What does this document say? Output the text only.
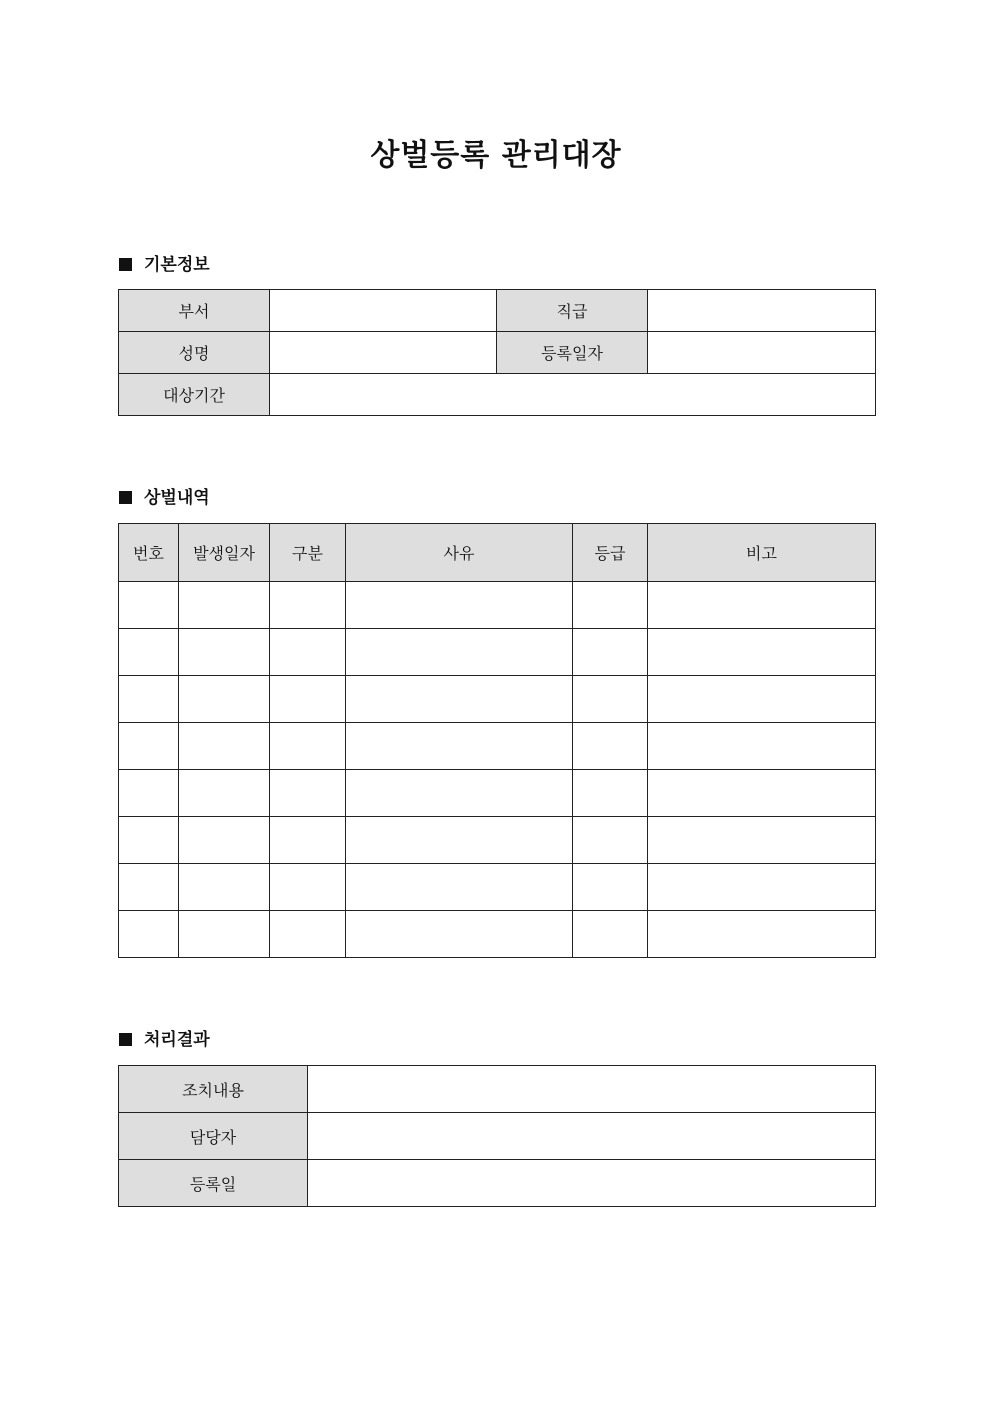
상벌등록 관리대장
기본정보
부서		직급	
성명		등록일자	
대상기간			
상벌내역
번호	발생일자	구분	사유	등급	비고

처리결과
조치내용	
담당자	
등록일	
